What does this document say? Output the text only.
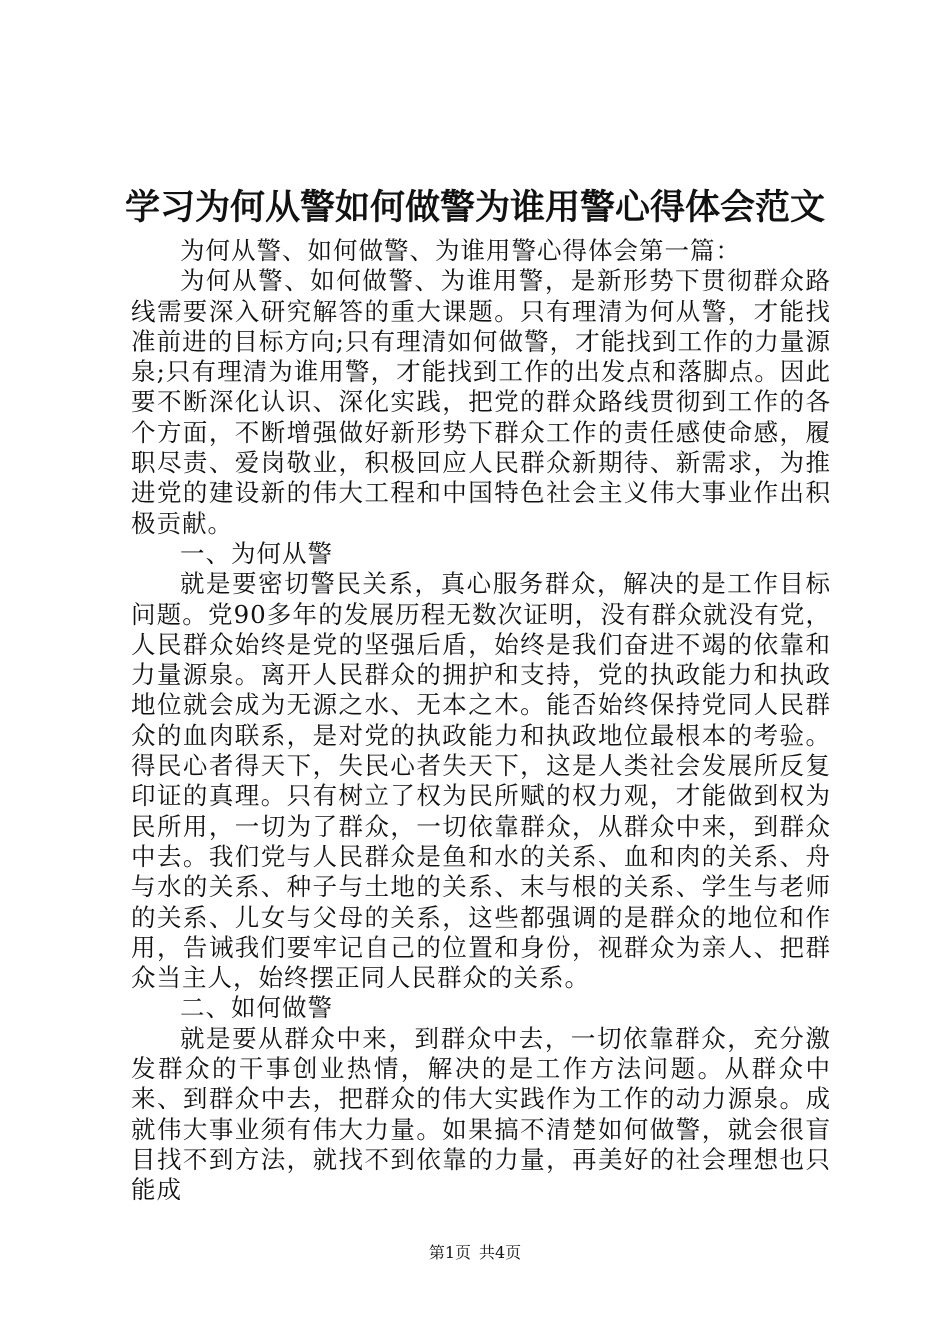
学习为何从警如何做警为谁用警心得体会范文

为何从警、如何做警、为谁用警心得体会第一篇：

为何从警、如何做警、为谁用警，是新形势下贯彻群众路线需要深入研究解答的重大课题。只有理清为何从警，才能找准前进的目标方向;只有理清如何做警，才能找到工作的力量源泉;只有理清为谁用警，才能找到工作的出发点和落脚点。因此要不断深化认识、深化实践，把党的群众路线贯彻到工作的各个方面，不断增强做好新形势下群众工作的责任感使命感，履职尽责、爱岗敬业，积极回应人民群众新期待、新需求，为推进党的建设新的伟大工程和中国特色社会主义伟大事业作出积极贡献。

一、为何从警

就是要密切警民关系，真心服务群众，解决的是工作目标问题。党90多年的发展历程无数次证明，没有群众就没有党，人民群众始终是党的坚强后盾，始终是我们奋进不竭的依靠和力量源泉。离开人民群众的拥护和支持，党的执政能力和执政地位就会成为无源之水、无本之木。能否始终保持党同人民群众的血肉联系，是对党的执政能力和执政地位最根本的考验。得民心者得天下，失民心者失天下，这是人类社会发展所反复印证的真理。只有树立了权为民所赋的权力观，才能做到权为民所用，一切为了群众，一切依靠群众，从群众中来，到群众中去。我们党与人民群众是鱼和水的关系、血和肉的关系、舟与水的关系、种子与土地的关系、末与根的关系、学生与老师的关系、儿女与父母的关系，这些都强调的是群众的地位和作用，告诫我们要牢记自己的位置和身份，视群众为亲人、把群众当主人，始终摆正同人民群众的关系。

二、如何做警

就是要从群众中来，到群众中去，一切依靠群众，充分激发群众的干事创业热情，解决的是工作方法问题。从群众中来、到群众中去，把群众的伟大实践作为工作的动力源泉。成就伟大事业须有伟大力量。如果搞不清楚如何做警，就会很盲目找不到方法，就找不到依靠的力量，再美好的社会理想也只能成

第1页 共4页
